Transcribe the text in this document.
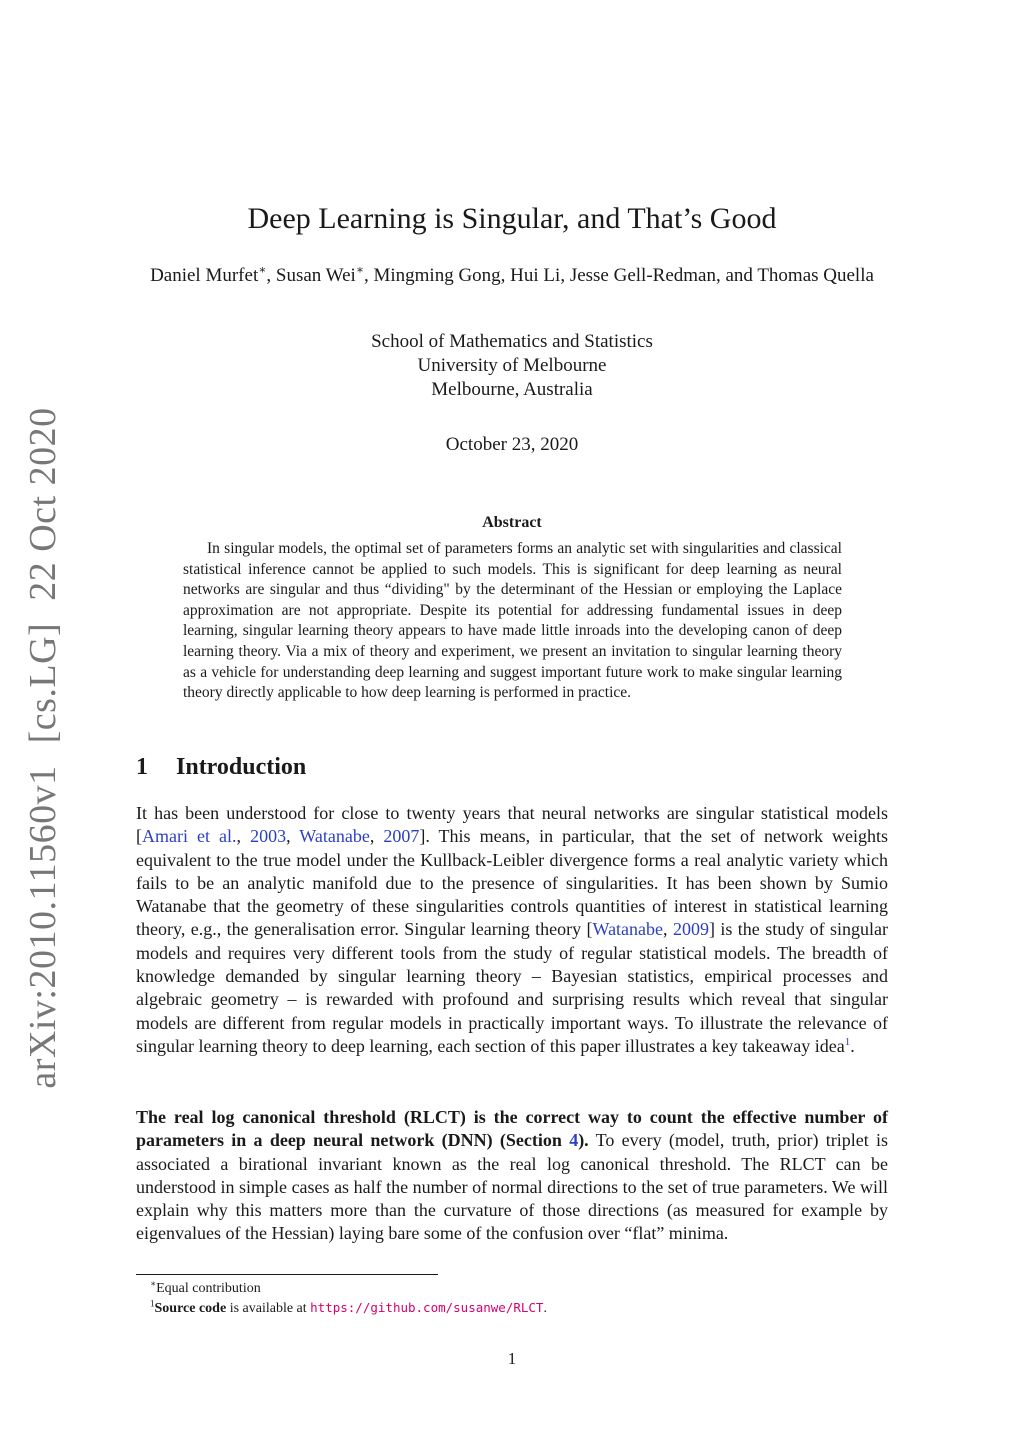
arXiv:2010.11560v1[cs.LG]22 Oct 2020
Deep Learning is Singular, and That’s Good
Daniel Murfet∗, Susan Wei∗, Mingming Gong, Hui Li, Jesse Gell-Redman, and Thomas Quella
School of Mathematics and Statistics
University of Melbourne
Melbourne, Australia
October 23, 2020
Abstract

In singular models, the optimal set of parameters forms an analytic set with singularities and classical statistical inference cannot be applied to such models. This is significant for deep learning as neural networks are singular and thus “dividing" by the determinant of the Hessian or employing the Laplace approximation are not appropriate. Despite its potential for addressing fundamental issues in deep learning, singular learning theory appears to have made little inroads into the developing canon of deep learning theory. Via a mix of theory and experiment, we present an invitation to singular learning theory as a vehicle for understanding deep learning and suggest important future work to make singular learning theory directly applicable to how deep learning is performed in practice.

1 Introduction

It has been understood for close to twenty years that neural networks are singular statistical models [Amari et al., 2003, Watanabe, 2007]. This means, in particular, that the set of network weights equivalent to the true model under the Kullback-Leibler divergence forms a real analytic variety which fails to be an analytic manifold due to the presence of singularities. It has been shown by Sumio Watanabe that the geometry of these singularities controls quantities of interest in statistical learning theory, e.g., the generalisation error. Singular learning theory [Watanabe, 2009] is the study of singular models and requires very different tools from the study of regular statistical models. The breadth of knowledge demanded by singular learning theory – Bayesian statistics, empirical processes and algebraic geometry – is rewarded with profound and surprising results which reveal that singular models are different from regular models in practically important ways. To illustrate the relevance of singular learning theory to deep learning, each section of this paper illustrates a key takeaway idea$^1$.

The real log canonical threshold (RLCT) is the correct way to count the effective number of parameters in a deep neural network (DNN) (Section 4). To every (model, truth, prior) triplet is associated a birational invariant known as the real log canonical threshold. The RLCT can be understood in simple cases as half the number of normal directions to the set of true parameters. We will explain why this matters more than the curvature of those directions (as measured for example by eigenvalues of the Hessian) laying bare some of the confusion over “flat” minima.

∗Equal contribution
$^1$Source code is available at https://github.com/susanwe/RLCT.
1
